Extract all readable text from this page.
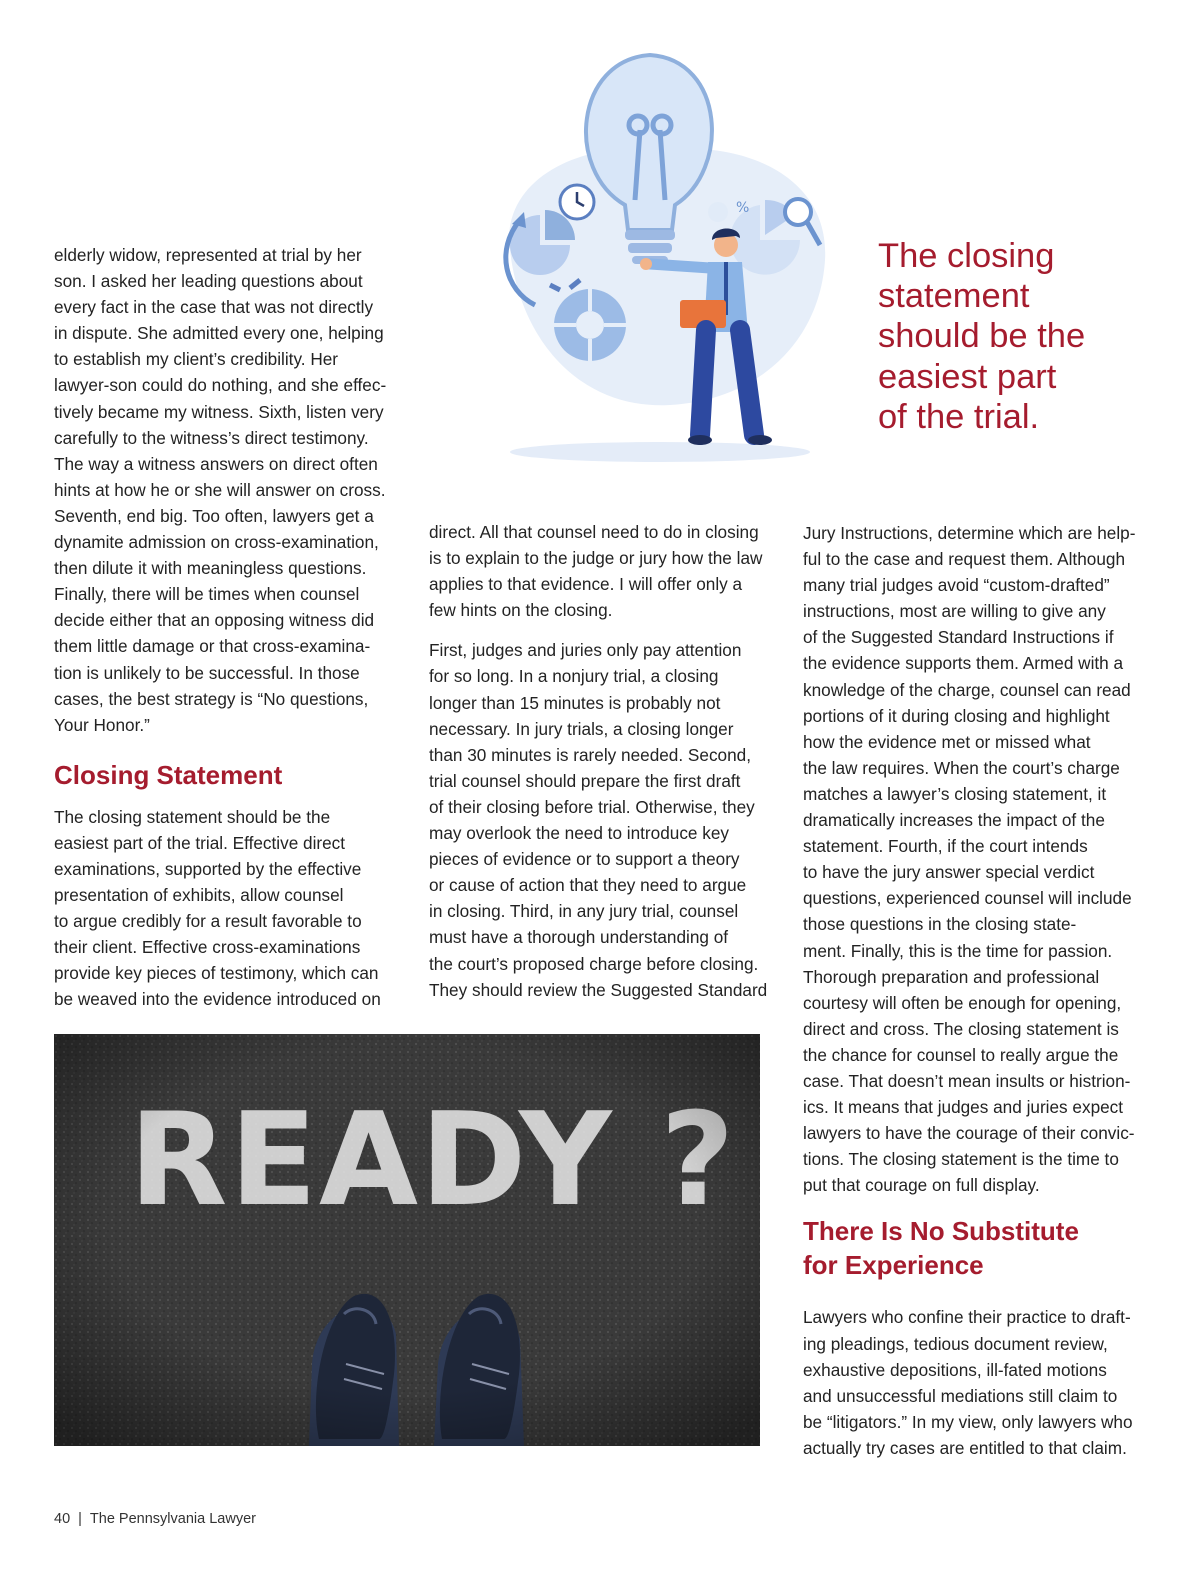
%
The closing
statement
should be the
easiest part
of the trial.

elderly widow, represented at trial by her

son. I asked her leading questions about

every fact in the case that was not directly

in dispute. She admitted every one, helping

to establish my client’s credibility. Her

lawyer-son could do nothing, and she effec-

tively became my witness. Sixth, listen very

carefully to the witness’s direct testimony.

The way a witness answers on direct often

hints at how he or she will answer on cross.

Seventh, end big. Too often, lawyers get a

dynamite admission on cross-examination,

then dilute it with meaningless questions.

Finally, there will be times when counsel

decide either that an opposing witness did

them little damage or that cross-examina-

tion is unlikely to be successful. In those

cases, the best strategy is “No questions,

Your Honor.”

Closing Statement

The closing statement should be the

easiest part of the trial. Effective direct

examinations, supported by the effective

presentation of exhibits, allow counsel

to argue credibly for a result favorable to

their client. Effective cross-examinations

provide key pieces of testimony, which can

be weaved into the evidence introduced on

direct. All that counsel need to do in closing

is to explain to the judge or jury how the law

applies to that evidence. I will offer only a

few hints on the closing.

First, judges and juries only pay attention

for so long. In a nonjury trial, a closing

longer than 15 minutes is probably not

necessary. In jury trials, a closing longer

than 30 minutes is rarely needed. Second,

trial counsel should prepare the first draft

of their closing before trial. Otherwise, they

may overlook the need to introduce key

pieces of evidence or to support a theory

or cause of action that they need to argue

in closing. Third, in any jury trial, counsel

must have a thorough understanding of

the court’s proposed charge before closing.

They should review the Suggested Standard

Jury Instructions, determine which are help-

ful to the case and request them. Although

many trial judges avoid “custom-drafted”

instructions, most are willing to give any

of the Suggested Standard Instructions if

the evidence supports them. Armed with a

knowledge of the charge, counsel can read

portions of it during closing and highlight

how the evidence met or missed what

the law requires. When the court’s charge

matches a lawyer’s closing statement, it

dramatically increases the impact of the

statement. Fourth, if the court intends

to have the jury answer special verdict

questions, experienced counsel will include

those questions in the closing state-

ment. Finally, this is the time for passion.

Thorough preparation and professional

courtesy will often be enough for opening,

direct and cross. The closing statement is

the chance for counsel to really argue the

case. That doesn’t mean insults or histrion-

ics. It means that judges and juries expect

lawyers to have the courage of their convic-

tions. The closing statement is the time to

put that courage on full display.

There Is No Substitute
for Experience

Lawyers who confine their practice to draft-

ing pleadings, tedious document review,

exhaustive depositions, ill-fated motions

and unsuccessful mediations still claim to

be “litigators.” In my view, only lawyers who

actually try cases are entitled to that claim.

40 | The Pennsylvania Lawyer
